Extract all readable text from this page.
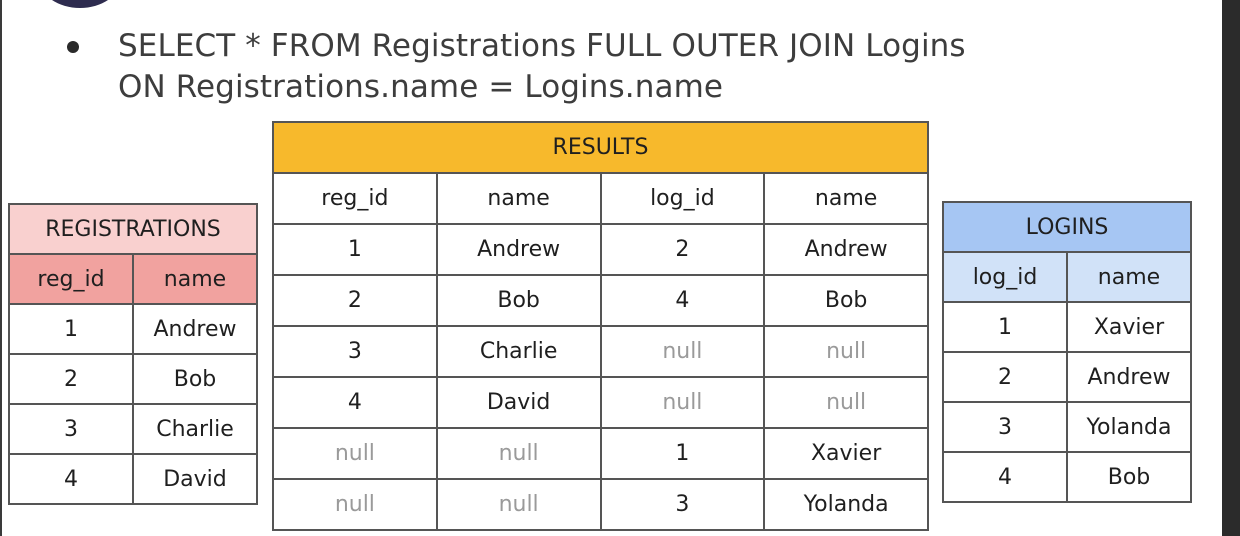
SELECT * FROM Registrations FULL OUTER JOIN Logins
ON Registrations.name = Logins.name

REGISTRATIONS	
reg_id	name
1	Andrew
2	Bob
3	Charlie
4	David
RESULTS			
reg_id	name	log_id	name
1	Andrew	2	Andrew
2	Bob	4	Bob
3	Charlie	null	null
4	David	null	null
null	null	1	Xavier
null	null	3	Yolanda
LOGINS	
log_id	name
1	Xavier
2	Andrew
3	Yolanda
4	Bob
